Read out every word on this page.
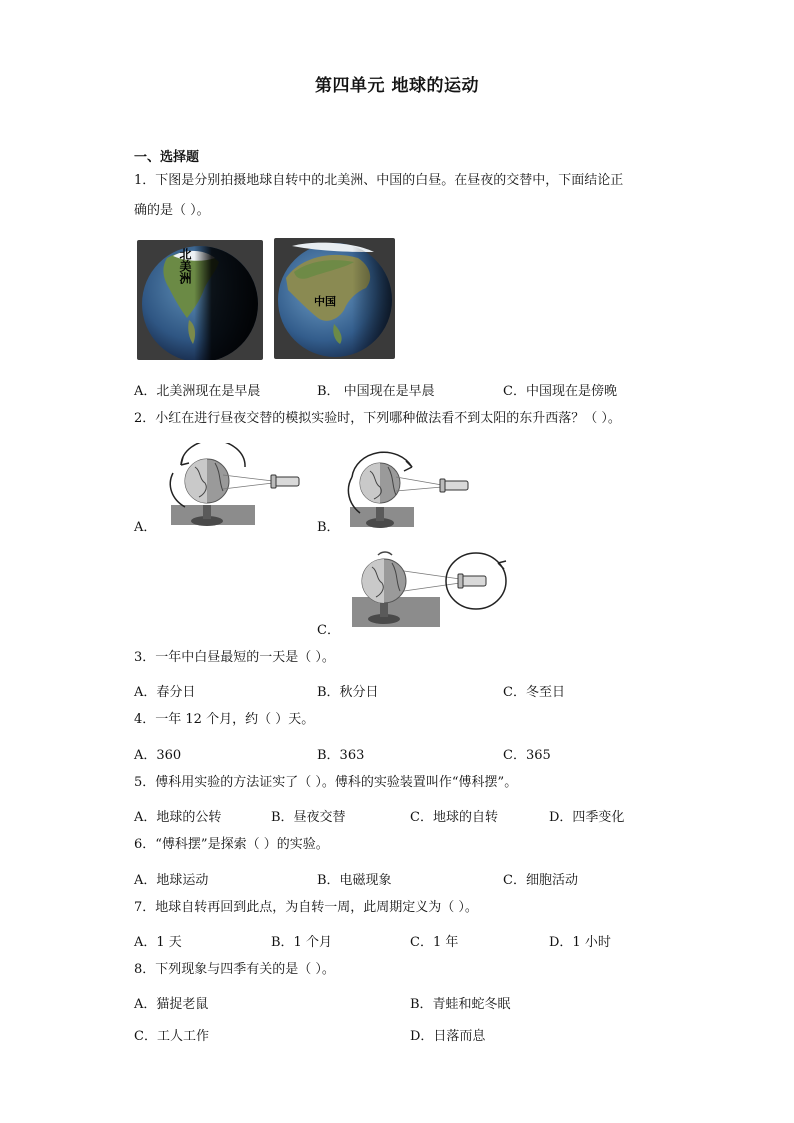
第四单元 地球的运动
一、选择题
1．下图是分别拍摄地球自转中的北美洲、中国的白昼。在昼夜的交替中，下面结论正
确的是（ ）。
北美洲
中国
A．北美洲现在是早晨	B． 中国现在是早晨	C．中国现在是傍晚
2．小红在进行昼夜交替的模拟实验时，下列哪种做法看不到太阳的东升西落？（ ）。
A．	B．
C．
3．一年中白昼最短的一天是（ ）。
A．春分日	B．秋分日	C．冬至日
4．一年 12 个月，约（ ）天。
A．360	B．363	C．365
5．傅科用实验的方法证实了（ ）。傅科的实验装置叫作“傅科摆”。
A．地球的公转	B．昼夜交替	C．地球的自转	D．四季变化
6．“傅科摆”是探索（ ）的实验。
A．地球运动	B．电磁现象	C．细胞活动
7．地球自转再回到此点，为自转一周，此周期定义为（ ）。
A．1 天	B．1 个月	C．1 年	D．1 小时
8．下列现象与四季有关的是（ ）。
A．猫捉老鼠	B．青蛙和蛇冬眠
C．工人工作	D．日落而息
